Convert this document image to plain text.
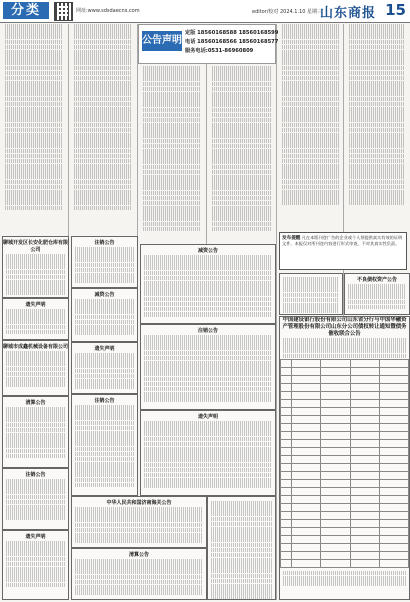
分类	网址:www.sdsdaecns.com	editor/校对 2024.1.10 星期三
山东商报 15
公告声明
定版 18560168588 18560168599
电话 18560168566 18560168577
服务电话:0531-86960809
聊城开发区长安化肥仓库有限公司
遗失声明
聊城市成鑫机械设备有限公司
清算公告
注销公告
遗失声明
注销公告
减资公告
遗失声明
注销公告
中华人民共和国济南海关公告
清算公告
减资公告
注销公告
遗失声明
发布提醒 凡在本版刊登广告的企业或个人须提供真实有效的证明文件，本报仅对所刊登内容进行形式审查，不对其真实性负责。
不良债权资产公告
中国建设银行股份有限公司山东省分行与中国华融资产管理股份有限公司山东分公司债权转让通知暨债务催收联合公告
